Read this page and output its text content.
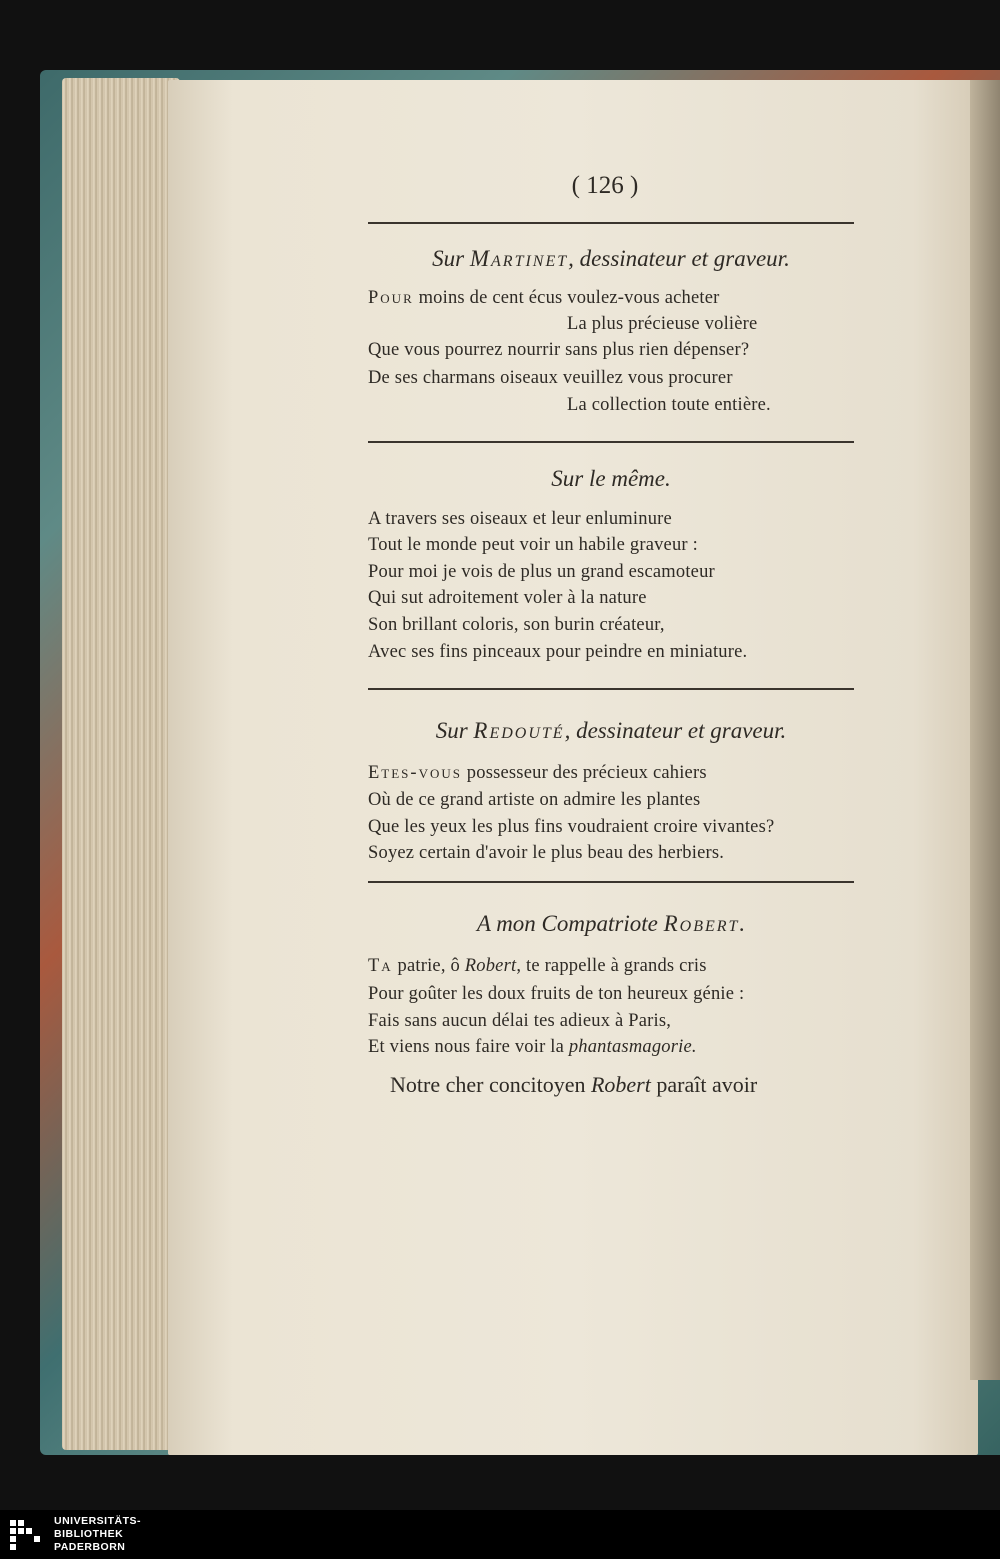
( 126 )
Sur Martinet, dessinateur et graveur.
Pour moins de cent écus voulez-vous acheter
La plus précieuse volière
Que vous pourrez nourrir sans plus rien dépenser?
De ses charmans oiseaux veuillez vous procurer
La collection toute entière.
Sur le même.
A travers ses oiseaux et leur enluminure
Tout le monde peut voir un habile graveur :
Pour moi je vois de plus un grand escamoteur
Qui sut adroitement voler à la nature
Son brillant coloris, son burin créateur,
Avec ses fins pinceaux pour peindre en miniature.
Sur Redouté, dessinateur et graveur.
Etes-vous possesseur des précieux cahiers
Où de ce grand artiste on admire les plantes
Que les yeux les plus fins voudraient croire vivantes?
Soyez certain d'avoir le plus beau des herbiers.
A mon Compatriote Robert.
Ta patrie, ô Robert, te rappelle à grands cris
Pour goûter les doux fruits de ton heureux génie :
Fais sans aucun délai tes adieux à Paris,
Et viens nous faire voir la phantasmagorie.
Notre cher concitoyen Robert paraît avoir
UNIVERSITÄTS-
BIBLIOTHEK
PADERBORN
